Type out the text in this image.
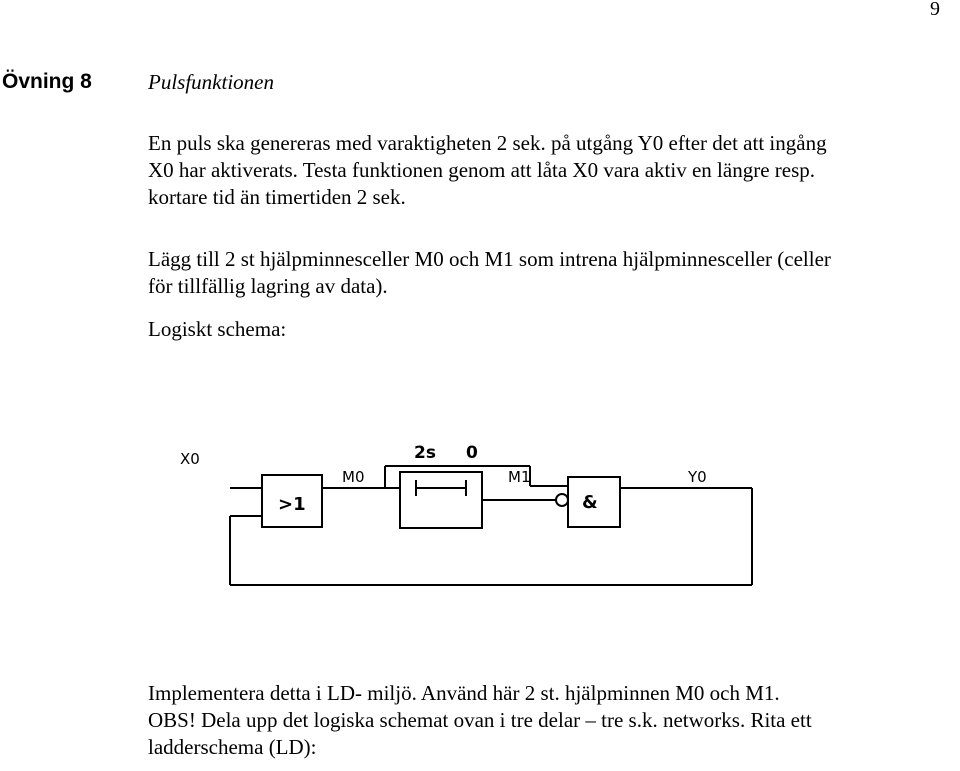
9
Övning 8	Pulsfunktionen
En puls ska genereras med varaktigheten 2 sek. på utgång Y0 efter det att ingång
X0 har aktiverats. Testa funktionen genom att låta X0 vara aktiv en längre resp.
kortare tid än timertiden 2 sek.
Lägg till 2 st hjälpminnesceller M0 och M1 som intrena hjälpminnesceller (celler
för tillfällig lagring av data).
Logiskt schema:
X0
>1
M0
2s 0
M1
&
Y0
Implementera detta i LD- miljö. Använd här 2 st. hjälpminnen M0 och M1.
OBS! Dela upp det logiska schemat ovan i tre delar – tre s.k. networks. Rita ett
ladderschema (LD):
